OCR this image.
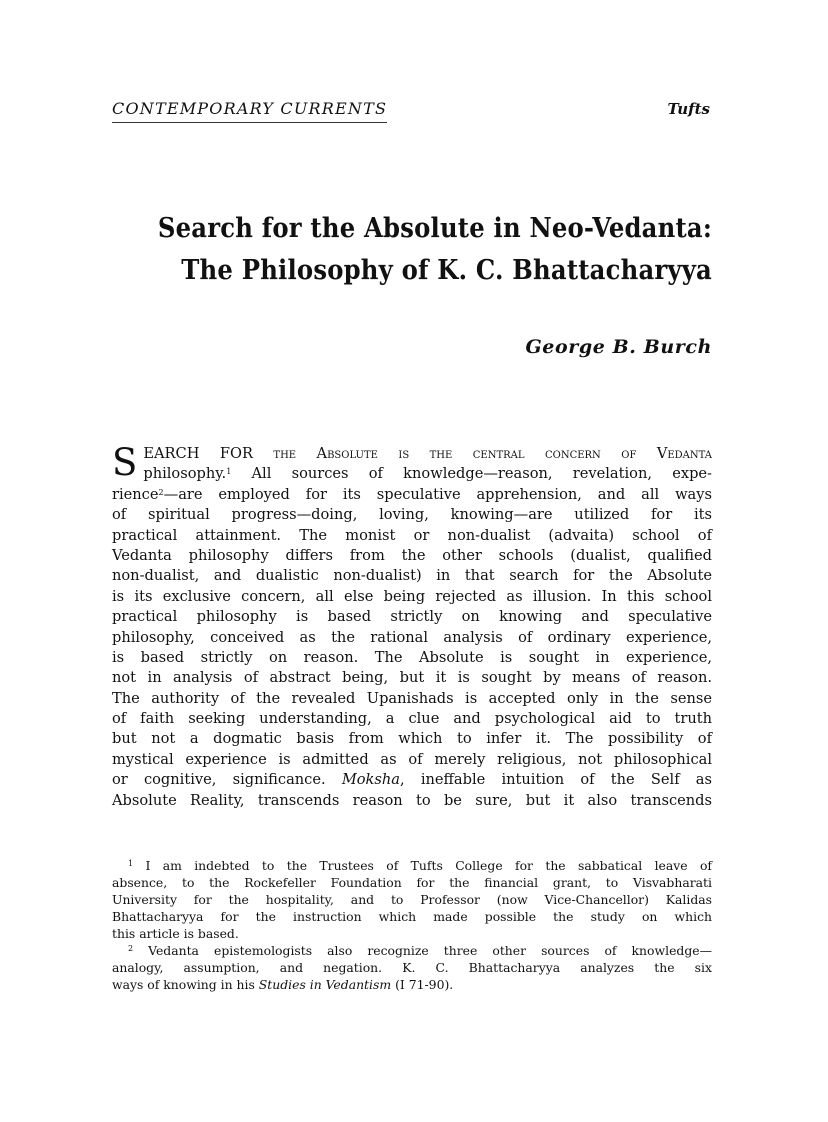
CONTEMPORARY CURRENTS	Tufts
Search for the Absolute in Neo-Vedanta:
The Philosophy of K. C. Bhattacharyya
George B. Burch
S EARCH FOR the Absolute is the central concern of Vedanta
philosophy.$^1$ All sources of knowledge—reason, revelation, expe-
rience$^2$—are employed for its speculative apprehension, and all ways
of spiritual progress—doing, loving, knowing—are utilized for its
practical attainment. The monist or non-dualist (advaita) school of
Vedanta philosophy differs from the other schools (dualist, qualified
non-dualist, and dualistic non-dualist) in that search for the Absolute
is its exclusive concern, all else being rejected as illusion. In this school
practical philosophy is based strictly on knowing and speculative
philosophy, conceived as the rational analysis of ordinary experience,
is based strictly on reason. The Absolute is sought in experience,
not in analysis of abstract being, but it is sought by means of reason.
The authority of the revealed Upanishads is accepted only in the sense
of faith seeking understanding, a clue and psychological aid to truth
but not a dogmatic basis from which to infer it. The possibility of
mystical experience is admitted as of merely religious, not philosophical
or cognitive, significance. Moksha, ineffable intuition of the Self as
Absolute Reality, transcends reason to be sure, but it also transcends
$^1$ I am indebted to the Trustees of Tufts College for the sabbatical leave of
absence, to the Rockefeller Foundation for the financial grant, to Visvabharati
University for the hospitality, and to Professor (now Vice-Chancellor) Kalidas
Bhattacharyya for the instruction which made possible the study on which
this article is based.
$^2$ Vedanta epistemologists also recognize three other sources of knowledge—
analogy, assumption, and negation. K. C. Bhattacharyya analyzes the six
ways of knowing in his Studies in Vedantism (I 71-90).
